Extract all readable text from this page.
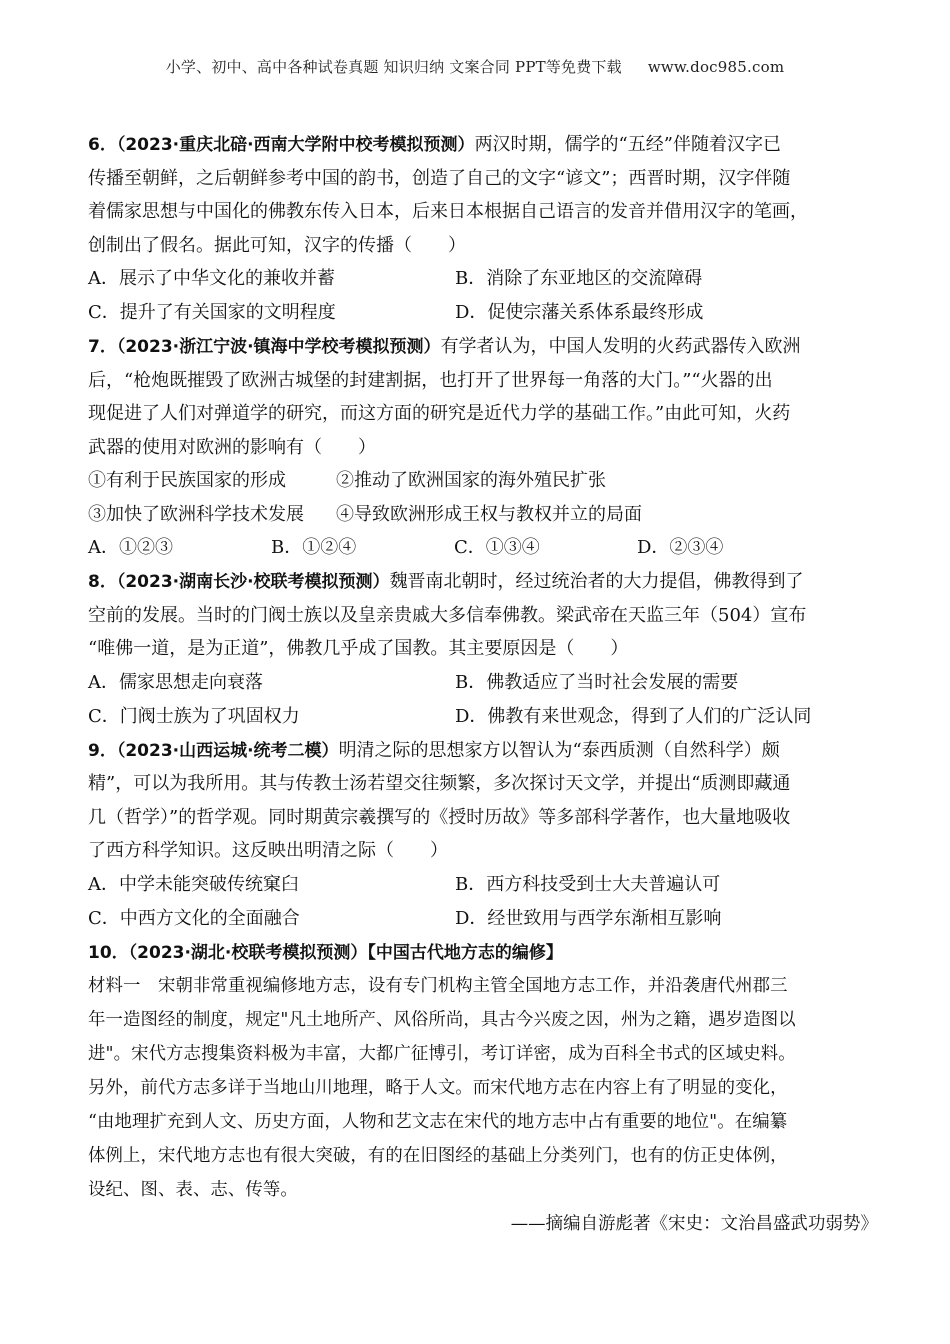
小学、初中、高中各种试卷真题 知识归纳 文案合同 PPT等免费下载 www.doc985.com
6．（2023·重庆北碚·西南大学附中校考模拟预测）两汉时期，儒学的“五经”伴随着汉字已
传播至朝鲜，之后朝鲜参考中国的韵书，创造了自己的文字“谚文”；西晋时期，汉字伴随
着儒家思想与中国化的佛教东传入日本，后来日本根据自己语言的发音并借用汉字的笔画，
创制出了假名。据此可知，汉字的传播（　　）
A．展示了中华文化的兼收并蓄	B．消除了东亚地区的交流障碍
C．提升了有关国家的文明程度	D．促使宗藩关系体系最终形成
7．（2023·浙江宁波·镇海中学校考模拟预测）有学者认为，中国人发明的火药武器传入欧洲
后，“枪炮既摧毁了欧洲古城堡的封建割据，也打开了世界每一角落的大门。”“火器的出
现促进了人们对弹道学的研究，而这方面的研究是近代力学的基础工作。”由此可知，火药
武器的使用对欧洲的影响有（　　）
①有利于民族国家的形成	②推动了欧洲国家的海外殖民扩张
③加快了欧洲科学技术发展 ④导致欧洲形成王权与教权并立的局面
A．①②③	B．①②④	C．①③④	D．②③④
8．（2023·湖南长沙·校联考模拟预测）魏晋南北朝时，经过统治者的大力提倡，佛教得到了
空前的发展。当时的门阀士族以及皇亲贵戚大多信奉佛教。梁武帝在天监三年（504）宣布
“唯佛一道，是为正道”，佛教几乎成了国教。其主要原因是（　　）
A．儒家思想走向衰落	B．佛教适应了当时社会发展的需要
C．门阀士族为了巩固权力	D．佛教有来世观念，得到了人们的广泛认同
9．（2023·山西运城·统考二模）明清之际的思想家方以智认为“泰西质测（自然科学）颇
精”，可以为我所用。其与传教士汤若望交往频繁，多次探讨天文学，并提出“质测即藏通
几（哲学）”的哲学观。同时期黄宗羲撰写的《授时历故》等多部科学著作，也大量地吸收
了西方科学知识。这反映出明清之际（　　）
A．中学未能突破传统窠臼	B．西方科技受到士大夫普遍认可
C．中西方文化的全面融合	D．经世致用与西学东渐相互影响
10．（2023·湖北·校联考模拟预测）【中国古代地方志的编修】
材料一　宋朝非常重视编修地方志，设有专门机构主管全国地方志工作，并沿袭唐代州郡三
年一造图经的制度，规定"凡土地所产、风俗所尚，具古今兴废之因，州为之籍，遇岁造图以
进"。宋代方志搜集资料极为丰富，大都广征博引，考订详密，成为百科全书式的区域史料。
另外，前代方志多详于当地山川地理，略于人文。而宋代地方志在内容上有了明显的变化，
“由地理扩充到人文、历史方面，人物和艺文志在宋代的地方志中占有重要的地位"。在编纂
体例上，宋代地方志也有很大突破，有的在旧图经的基础上分类列门，也有的仿正史体例，
设纪、图、表、志、传等。
——摘编自游彪著《宋史：文治昌盛武功弱势》
